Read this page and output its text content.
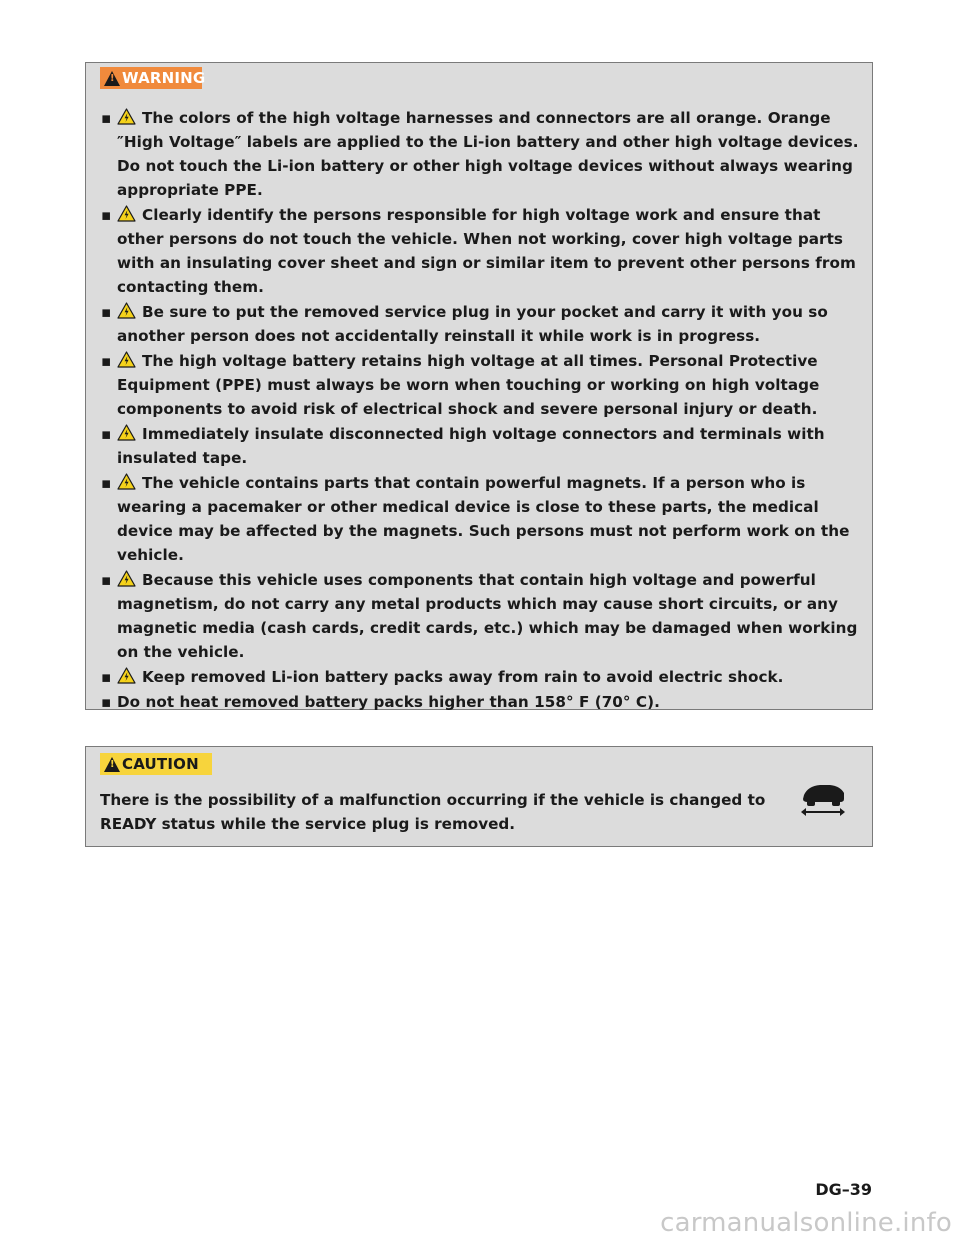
!
WARNING
▪ The colors of the high voltage harnesses and connectors are all orange. Orange ″High Voltage″ labels are applied to the Li-ion battery and other high voltage devices. Do not touch the Li-ion battery or other high voltage devices without always wearing appropriate PPE.
▪ Clearly identify the persons responsible for high voltage work and ensure that other persons do not touch the vehicle. When not working, cover high voltage parts with an insulating cover sheet and sign or similar item to prevent other persons from contacting them.
▪ Be sure to put the removed service plug in your pocket and carry it with you so another person does not accidentally reinstall it while work is in progress.
▪ The high voltage battery retains high voltage at all times. Personal Protective Equipment (PPE) must always be worn when touching or working on high voltage components to avoid risk of electrical shock and severe personal injury or death.
▪ Immediately insulate disconnected high voltage connectors and terminals with insulated tape.
▪ The vehicle contains parts that contain powerful magnets. If a person who is wearing a pacemaker or other medical device is close to these parts, the medical device may be affected by the magnets. Such persons must not perform work on the vehicle.
▪ Because this vehicle uses components that contain high voltage and powerful magnetism, do not carry any metal products which may cause short circuits, or any magnetic media (cash cards, credit cards, etc.) which may be damaged when working on the vehicle.
▪ Keep removed Li-ion battery packs away from rain to avoid electric shock.
▪ Do not heat removed battery packs higher than 158° F (70° C).
!
CAUTION
There is the possibility of a malfunction occurring if the vehicle is changed to READY status while the service plug is removed.
DG–39
carmanualsonline.info
